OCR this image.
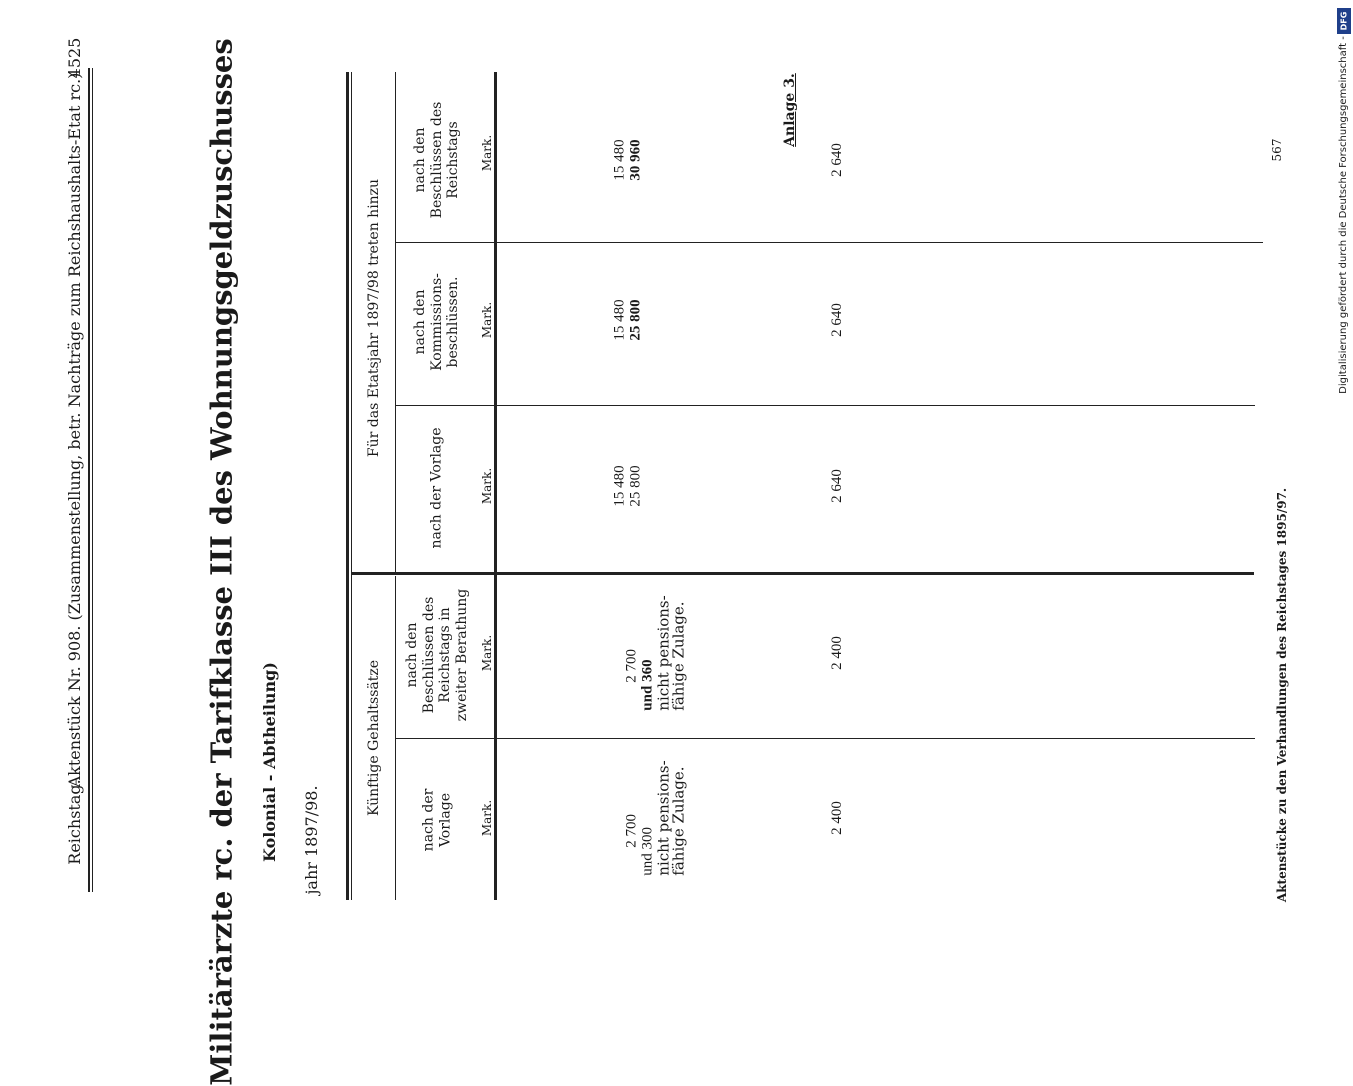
Reichstag.
Aktenstück Nr. 908. (Zusammenstellung, betr. Nachträge zum Reichshaushalts-Etat rc.)
4525
Anlage 3.
Militärärzte rc. der Tarifklasse III des Wohnungsgeldzuschusses Kolonial - Abtheilung) jahr 1897/98.
Künftige Gehaltssätze
Für das Etatsjahr 1897/98 treten hinzu
nach der Vorlage
nach den Beschlüssen des Reichstags in zweiter Berathung
nach der Vorlage
nach den Kommissions-beschlüssen.
nach den Beschlüssen des Reichstags
Mark.
Mark.
Mark.
Mark.
Mark.
2 700 und 300
nicht pensions-
fähige Zulage.
2 700 und 360
nicht pensions-
fähige Zulage.
15 480 25 800
15 480 25 800
15 480 30 960
2 400
2 400
2 640
2 640
2 640
Aktenstücke zu den Verhandlungen des Reichstages 1895/97.
567	Digitalisierung gefördert durch die Deutsche Forschungsgemeinschaft -
DFG
